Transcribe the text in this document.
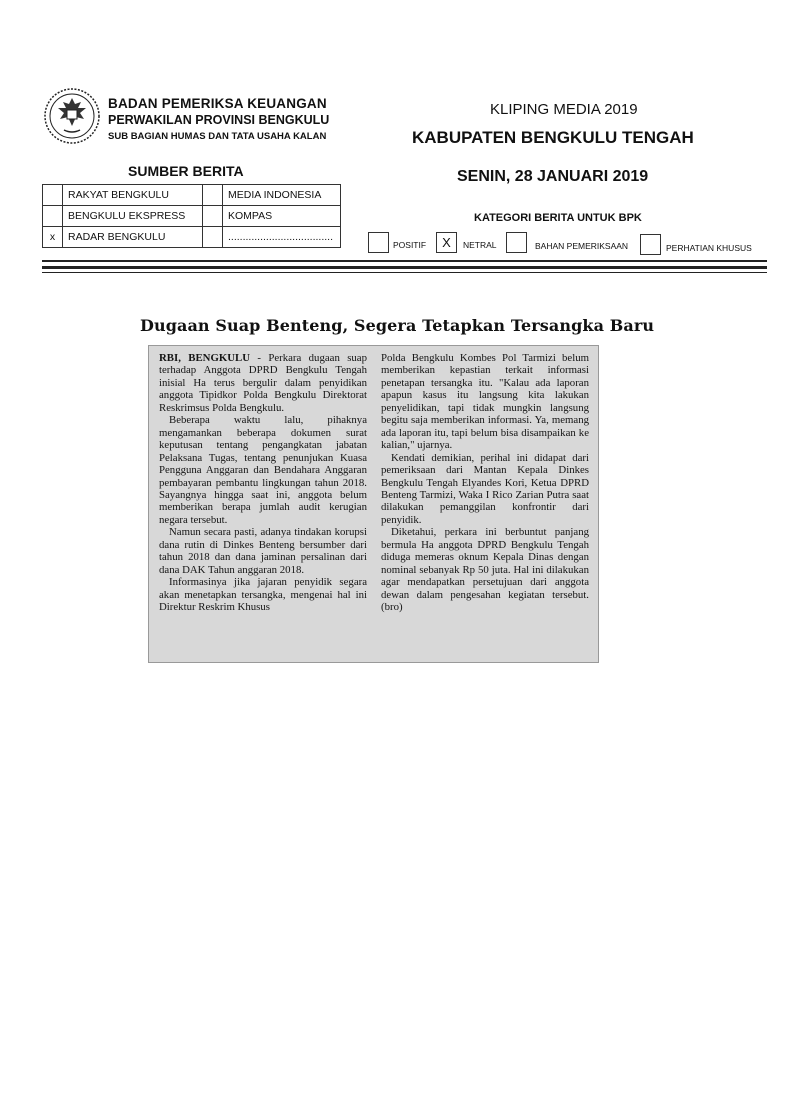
BADAN PEMERIKSA KEUANGAN
PERWAKILAN PROVINSI BENGKULU
SUB BAGIAN HUMAS DAN TATA USAHA KALAN
KLIPING MEDIA 2019
KABUPATEN BENGKULU TENGAH
SENIN, 28 JANUARI 2019
SUMBER BERITA
	RAKYAT BENGKULU		MEDIA INDONESIA
	BENGKULU EKSPRESS		KOMPAS
x	RADAR BENGKULU		....................................
KATEGORI BERITA UNTUK BPK
POSITIF	X	NETRAL	BAHAN PEMERIKSAAN	PERHATIAN KHUSUS
Dugaan Suap Benteng, Segera Tetapkan Tersangka Baru

RBI, BENGKULU - Perkara dugaan suap terhadap Anggota DPRD Bengkulu Tengah inisial Ha terus bergulir dalam penyidikan anggota Tipidkor Polda Bengkulu Direktorat Reskrimsus Polda Bengkulu.

Beberapa waktu lalu, pihaknya mengamankan beberapa dokumen surat keputusan tentang pengangkatan jabatan Pelaksana Tugas, tentang penunjukan Kuasa Pengguna Anggaran dan Bendahara Anggaran pembayaran pembantu lingkungan tahun 2018. Sayangnya hingga saat ini, anggota belum memberikan berapa jumlah audit kerugian negara tersebut.

Namun secara pasti, adanya tindakan korupsi dana rutin di Dinkes Benteng bersumber dari tahun 2018 dan dana jaminan persalinan dari dana DAK Tahun anggaran 2018.

Informasinya jika jajaran penyidik segara akan menetapkan tersangka, mengenai hal ini Direktur Reskrim Khusus

Polda Bengkulu Kombes Pol Tarmizi belum memberikan kepastian terkait informasi penetapan tersangka itu. "Kalau ada laporan apapun kasus itu langsung kita lakukan penyelidikan, tapi tidak mungkin langsung begitu saja memberikan informasi. Ya, memang ada laporan itu, tapi belum bisa disampaikan ke kalian," ujarnya.

Kendati demikian, perihal ini didapat dari pemeriksaan dari Mantan Kepala Dinkes Bengkulu Tengah Elyandes Kori, Ketua DPRD Benteng Tarmizi, Waka I Rico Zarian Putra saat dilakukan pemanggilan konfrontir dari penyidik.

Diketahui, perkara ini berbuntut panjang bermula Ha anggota DPRD Bengkulu Tengah diduga memeras oknum Kepala Dinas dengan nominal sebanyak Rp 50 juta. Hal ini dilakukan agar mendapatkan persetujuan dari anggota dewan dalam pengesahan kegiatan tersebut. (bro)
